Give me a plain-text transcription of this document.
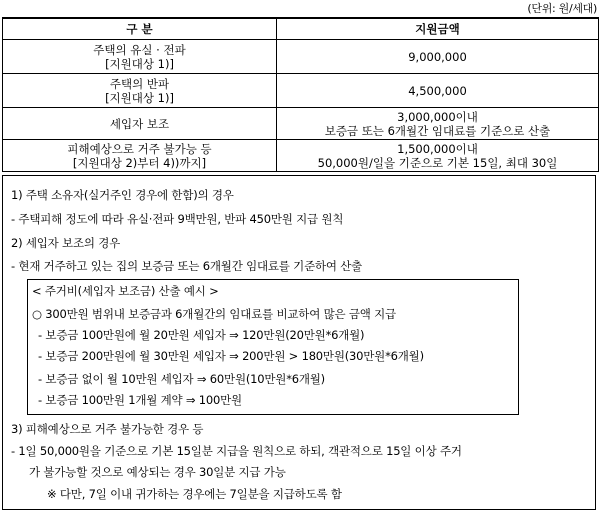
(단위: 원/세대)
구 분	지원금액
주택의 유실 · 전파
[지원대상 1)]	9,000,000
주택의 반파
[지원대상 1)]	4,500,000
세입자 보조	3,000,000이내
보증금 또는 6개월간 임대료를 기준으로 산출
피해예상으로 거주 불가능 등
[지원대상 2)부터 4))까지]	1,500,000이내
50,000원/일을 기준으로 기본 15일, 최대 30일
1) 주택 소유자(실거주인 경우에 한함)의 경우
- 주택피해 정도에 따라 유실·전파 9백만원, 반파 450만원 지급 원칙
2) 세입자 보조의 경우
- 현재 거주하고 있는 집의 보증금 또는 6개월간 임대료를 기준하여 산출
< 주거비(세입자 보조금) 산출 예시 >
○ 300만원 범위내 보증금과 6개월간의 임대료를 비교하여 많은 금액 지급
- 보증금 100만원에 월 20만원 세입자 ⇒ 120만원(20만원*6개월)
- 보증금 200만원에 월 30만원 세입자 ⇒ 200만원 > 180만원(30만원*6개월)
- 보증금 없이 월 10만원 세입자 ⇒ 60만원(10만원*6개월)
- 보증금 100만원 1개월 계약 ⇒ 100만원
3) 피해예상으로 거주 불가능한 경우 등
- 1일 50,000원을 기준으로 기본 15일분 지급을 원칙으로 하되, 객관적으로 15일 이상 주거
가 불가능할 것으로 예상되는 경우 30일분 지급 가능
※ 다만, 7일 이내 귀가하는 경우에는 7일분을 지급하도록 함
